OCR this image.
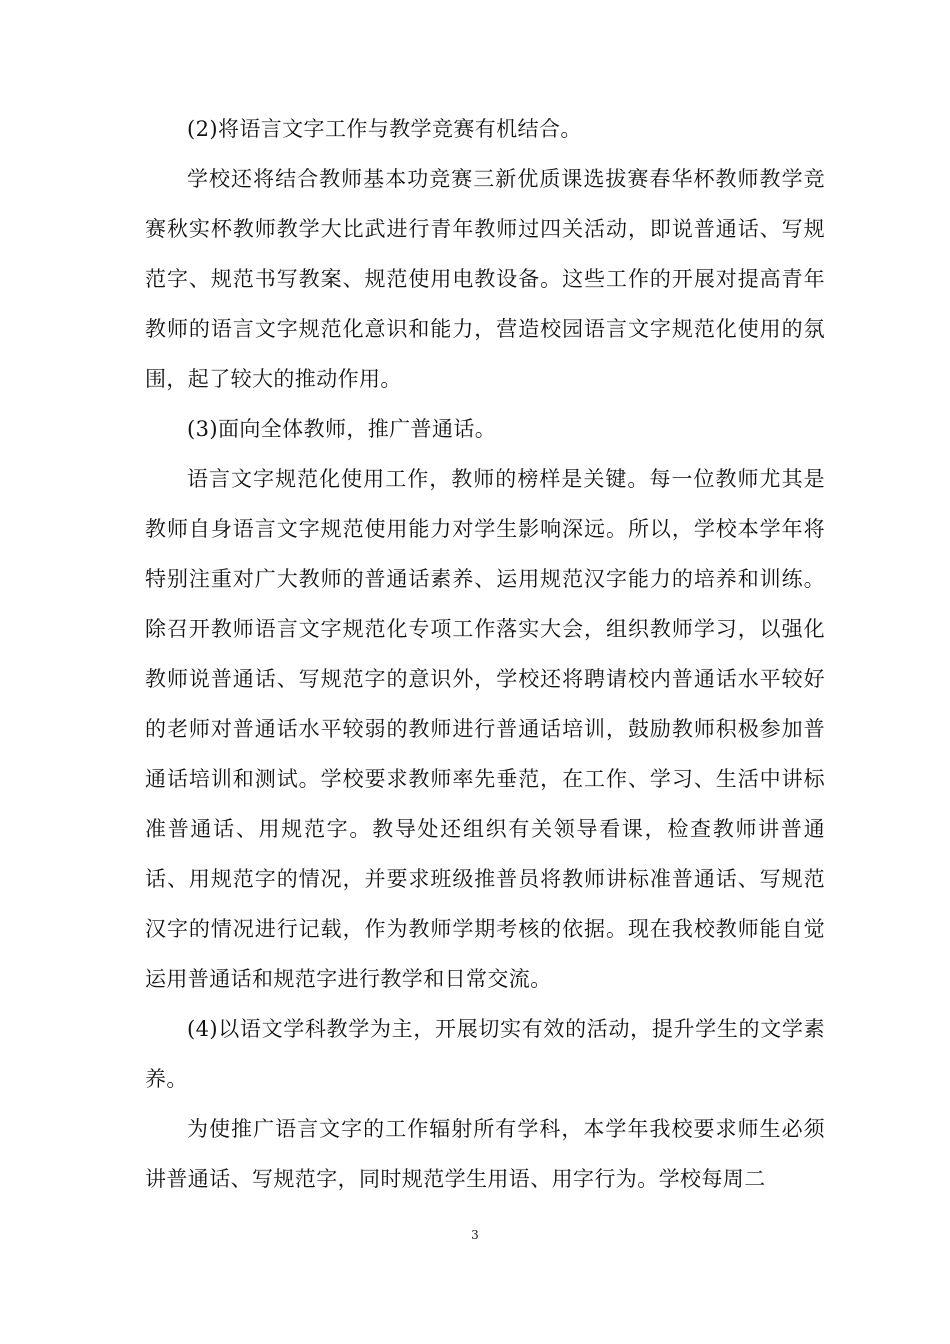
(2)将语言文字工作与教学竞赛有机结合。

学校还将结合教师基本功竞赛三新优质课选拔赛春华杯教师教学竞赛秋实杯教师教学大比武进行青年教师过四关活动，即说普通话、写规范字、规范书写教案、规范使用电教设备。这些工作的开展对提高青年教师的语言文字规范化意识和能力，营造校园语言文字规范化使用的氛围，起了较大的推动作用。

(3)面向全体教师，推广普通话。

语言文字规范化使用工作，教师的榜样是关键。每一位教师尤其是教师自身语言文字规范使用能力对学生影响深远。所以，学校本学年将特别注重对广大教师的普通话素养、运用规范汉字能力的培养和训练。除召开教师语言文字规范化专项工作落实大会，组织教师学习，以强化教师说普通话、写规范字的意识外，学校还将聘请校内普通话水平较好的老师对普通话水平较弱的教师进行普通话培训，鼓励教师积极参加普通话培训和测试。学校要求教师率先垂范，在工作、学习、生活中讲标准普通话、用规范字。教导处还组织有关领导看课，检查教师讲普通话、用规范字的情况，并要求班级推普员将教师讲标准普通话、写规范汉字的情况进行记载，作为教师学期考核的依据。现在我校教师能自觉运用普通话和规范字进行教学和日常交流。

(4)以语文学科教学为主，开展切实有效的活动，提升学生的文学素养。

为使推广语言文字的工作辐射所有学科，本学年我校要求师生必须讲普通话、写规范字，同时规范学生用语、用字行为。学校每周二

3
